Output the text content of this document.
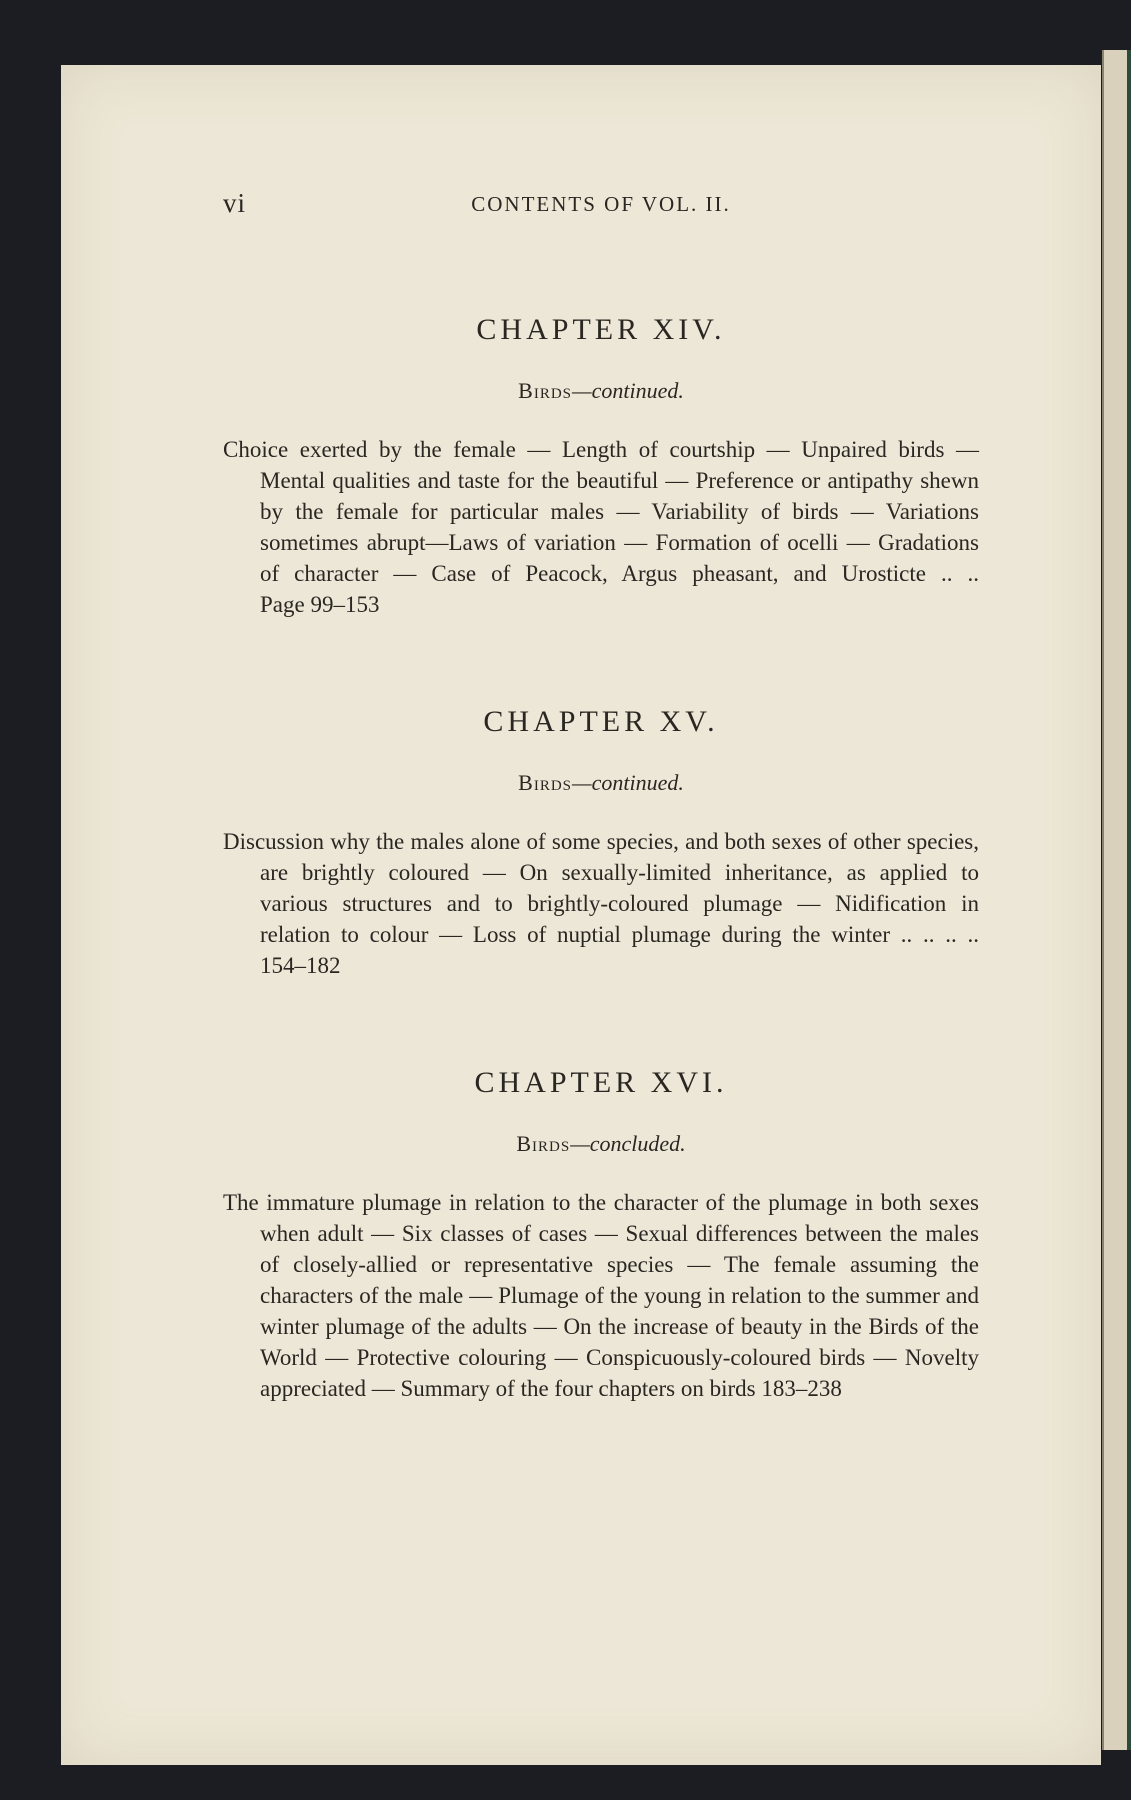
vi	CONTENTS OF VOL. II.
CHAPTER XIV.

Birds—continued.

Choice exerted by the female — Length of courtship — Unpaired birds — Mental qualities and taste for the beautiful — Preference or antipathy shewn by the female for particular males — Variability of birds — Variations sometimes abrupt—Laws of variation — Formation of ocelli — Gradations of character — Case of Peacock, Argus pheasant, and Urosticte .. .. Page 99–153

CHAPTER XV.

Birds—continued.

Discussion why the males alone of some species, and both sexes of other species, are brightly coloured — On sexually-limited inheritance, as applied to various structures and to brightly-coloured plumage — Nidification in relation to colour — Loss of nuptial plumage during the winter .. .. .. .. 154–182

CHAPTER XVI.

Birds—concluded.

The immature plumage in relation to the character of the plumage in both sexes when adult — Six classes of cases — Sexual differences between the males of closely-allied or representative species — The female assuming the characters of the male — Plumage of the young in relation to the summer and winter plumage of the adults — On the increase of beauty in the Birds of the World — Protective colouring — Conspicuously-coloured birds — Novelty appreciated — Summary of the four chapters on birds 183–238
